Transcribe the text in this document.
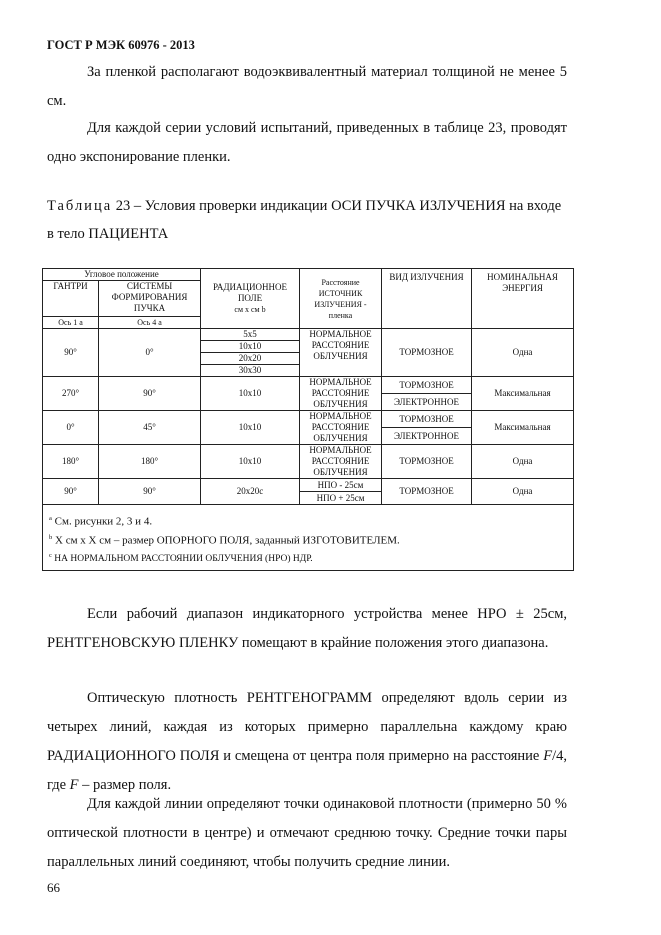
ГОСТ Р МЭК 60976 - 2013
За пленкой располагают водоэквивалентный материал толщиной не менее 5 см.
Для каждой серии условий испытаний, приведенных в таблице 23, проводят одно экспонирование пленки.
Таблица 23 – Условия проверки индикации ОСИ ПУЧКА ИЗЛУЧЕНИЯ на входе в тело ПАЦИЕНТА
Угловое положение		РАДИАЦИОННОЕ ПОЛЕ
см х см b	Расстояние ИСТОЧНИК ИЗЛУЧЕНИЯ - пленка	ВИД ИЗЛУЧЕНИЯ	НОМИНАЛЬНАЯ ЭНЕРГИЯ
ГАНТРИ	СИСТЕМЫ ФОРМИРОВАНИЯ ПУЧКА				
Ось 1 a	Ось 4 a				
90°	0°	5x5	НОРМАЛЬНОЕ РАССТОЯНИЕ ОБЛУЧЕНИЯ	ТОРМОЗНОЕ	Одна
		10x10			
		20x20			
		30x30			
270°	90°	10x10	НОРМАЛЬНОЕ РАССТОЯНИЕ ОБЛУЧЕНИЯ	ТОРМОЗНОЕ	Максимальная
				ЭЛЕКТРОННОЕ	
0°	45°	10x10	НОРМАЛЬНОЕ РАССТОЯНИЕ ОБЛУЧЕНИЯ	ТОРМОЗНОЕ	Максимальная
				ЭЛЕКТРОННОЕ	
180°	180°	10x10	НОРМАЛЬНОЕ РАССТОЯНИЕ ОБЛУЧЕНИЯ	ТОРМОЗНОЕ	Одна
90°	90°	20x20c	НПО - 25см	ТОРМОЗНОЕ	Одна
			НПО + 25см		

$^a$ См. рисунки 2, 3 и 4.
$^b$ Х см х Х см – размер ОПОРНОГО ПОЛЯ, заданный ИЗГОТОВИТЕЛЕМ.
$^c$ НА НОРМАЛЬНОМ РАССТОЯНИИ ОБЛУЧЕНИЯ (НРО) НДР.					
Если рабочий диапазон индикаторного устройства менее НРО ± 25см, РЕНТГЕНОВСКУЮ ПЛЕНКУ помещают в крайние положения этого диапазона.
Оптическую плотность РЕНТГЕНОГРАММ определяют вдоль серии из четырех линий, каждая из которых примерно параллельна каждому краю РАДИАЦИОННОГО ПОЛЯ и смещена от центра поля примерно на расстояние F/4, где F – размер поля.
Для каждой линии определяют точки одинаковой плотности (примерно 50 % оптической плотности в центре) и отмечают среднюю точку. Средние точки пары параллельных линий соединяют, чтобы получить средние линии.
66
